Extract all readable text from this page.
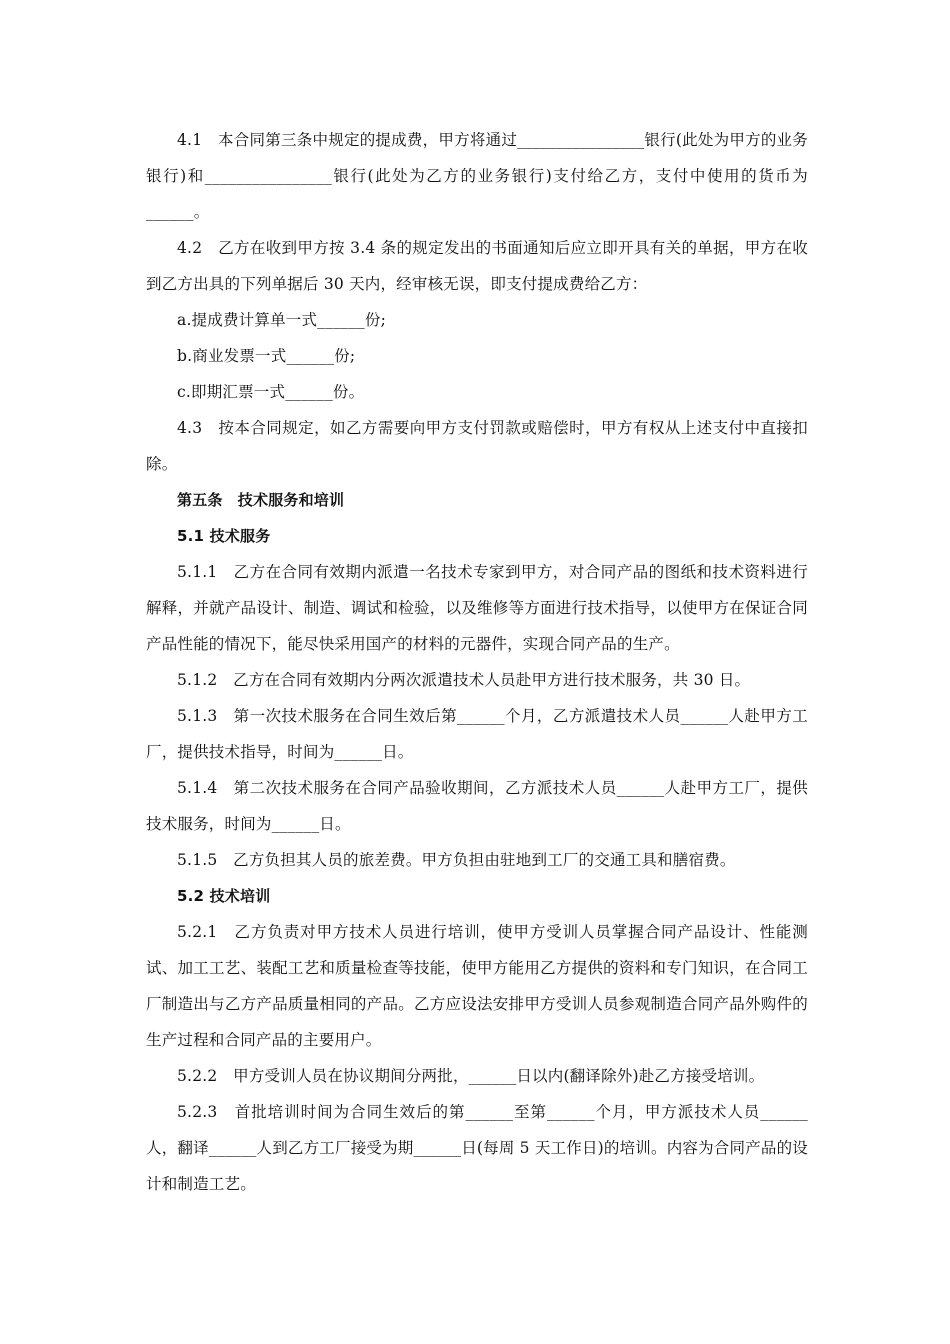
4.1　本合同第三条中规定的提成费，甲方将通过________________银行(此处为甲方的业务银行)和________________银行(此处为乙方的业务银行)支付给乙方，支付中使用的货币为______。

4.2　乙方在收到甲方按 3.4 条的规定发出的书面通知后应立即开具有关的单据，甲方在收到乙方出具的下列单据后 30 天内，经审核无误，即支付提成费给乙方：

a.提成费计算单一式______份;

b.商业发票一式______份;

c.即期汇票一式______份。

4.3　按本合同规定，如乙方需要向甲方支付罚款或赔偿时，甲方有权从上述支付中直接扣除。

第五条　技术服务和培训

5.1 技术服务

5.1.1　乙方在合同有效期内派遣一名技术专家到甲方，对合同产品的图纸和技术资料进行解释，并就产品设计、制造、调试和检验，以及维修等方面进行技术指导，以使甲方在保证合同产品性能的情况下，能尽快采用国产的材料的元器件，实现合同产品的生产。

5.1.2　乙方在合同有效期内分两次派遣技术人员赴甲方进行技术服务，共 30 日。

5.1.3　第一次技术服务在合同生效后第______个月，乙方派遣技术人员______人赴甲方工厂，提供技术指导，时间为______日。

5.1.4　第二次技术服务在合同产品验收期间，乙方派技术人员______人赴甲方工厂，提供技术服务，时间为______日。

5.1.5　乙方负担其人员的旅差费。甲方负担由驻地到工厂的交通工具和膳宿费。

5.2 技术培训

5.2.1　乙方负责对甲方技术人员进行培训，使甲方受训人员掌握合同产品设计、性能测试、加工工艺、装配工艺和质量检查等技能，使甲方能用乙方提供的资料和专门知识，在合同工厂制造出与乙方产品质量相同的产品。乙方应设法安排甲方受训人员参观制造合同产品外购件的生产过程和合同产品的主要用户。

5.2.2　甲方受训人员在协议期间分两批，______日以内(翻译除外)赴乙方接受培训。

5.2.3　首批培训时间为合同生效后的第______至第______个月，甲方派技术人员______人，翻译______人到乙方工厂接受为期______日(每周 5 天工作日)的培训。内容为合同产品的设计和制造工艺。
